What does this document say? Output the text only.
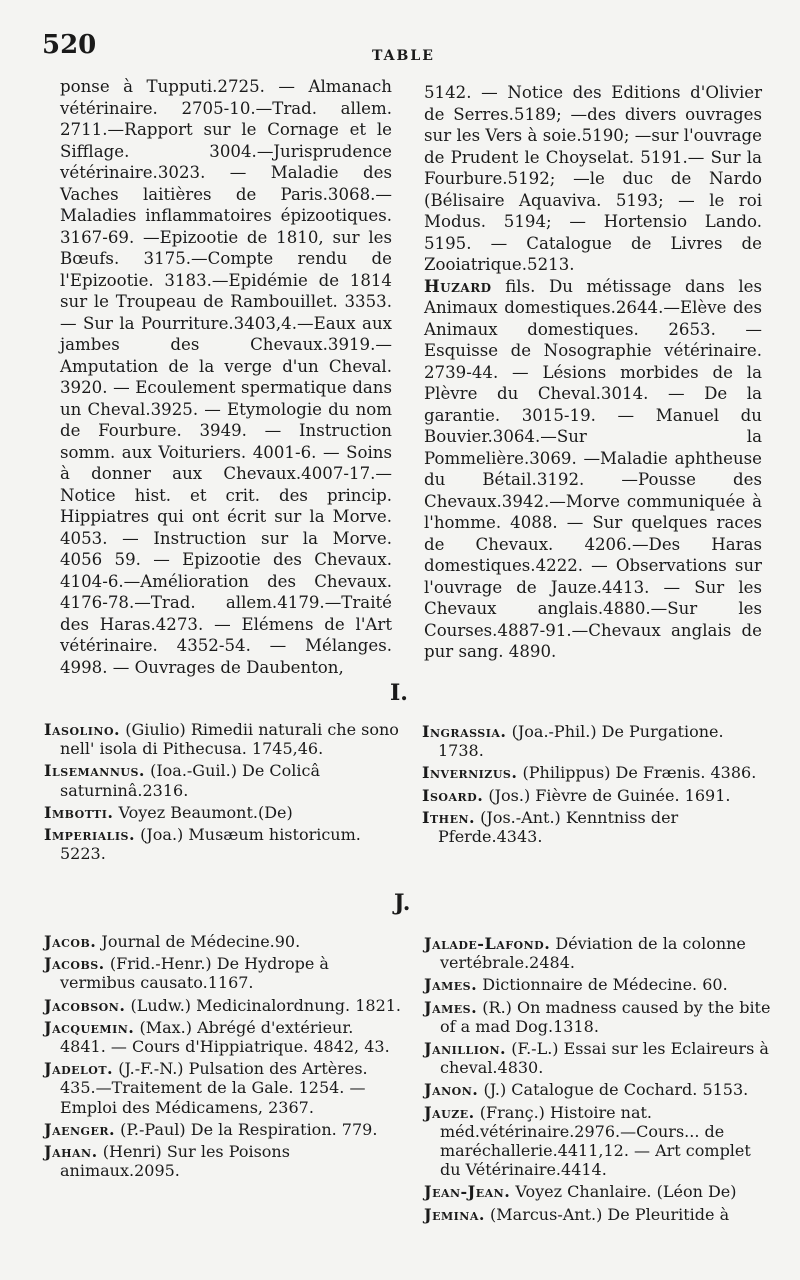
520	TABLE
ponse à Tupputi.2725. — Almanach vétérinaire. 2705-10.—Trad. allem. 2711.—Rapport sur le Cornage et le Sifflage. 3004.—Jurisprudence vétérinaire.3023. — Maladie des Vaches laitières de Paris.3068.—Maladies inflammatoires épizootiques. 3167-69. —Epizootie de 1810, sur les Bœufs. 3175.—Compte rendu de l'Epizootie. 3183.—Epidémie de 1814 sur le Troupeau de Rambouillet. 3353. — Sur la Pourriture.3403,4.—Eaux aux jambes des Chevaux.3919.—Amputation de la verge d'un Cheval. 3920. — Ecoulement spermatique dans un Cheval.3925. — Etymologie du nom de Fourbure. 3949. — Instruction somm. aux Voituriers. 4001-6. — Soins à donner aux Chevaux.4007-17.—Notice hist. et crit. des princip. Hippiatres qui ont écrit sur la Morve. 4053. — Instruction sur la Morve. 4056 59. — Epizootie des Chevaux. 4104-6.—Amélioration des Chevaux. 4176-78.—Trad. allem.4179.—Traité des Haras.4273. — Elémens de l'Art vétérinaire. 4352-54. — Mélanges. 4998. — Ouvrages de Daubenton,
5142. — Notice des Editions d'Olivier de Serres.5189; —des divers ouvrages sur les Vers à soie.5190; —sur l'ouvrage de Prudent le Choyselat. 5191.— Sur la Fourbure.5192; —le duc de Nardo (Bélisaire Aquaviva. 5193; — le roi Modus. 5194; — Hortensio Lando. 5195. — Catalogue de Livres de Zooiatrique.5213.

Huzard fils. Du métissage dans les Animaux domestiques.2644.—Elève des Animaux domestiques. 2653. — Esquisse de Nosographie vétérinaire. 2739-44. — Lésions morbides de la Plèvre du Cheval.3014. — De la garantie. 3015-19. — Manuel du Bouvier.3064.—Sur la Pommelière.3069. —Maladie aphtheuse du Bétail.3192. —Pousse des Chevaux.3942.—Morve communiquée à l'homme. 4088. — Sur quelques races de Chevaux. 4206.—Des Haras domestiques.4222. — Observations sur l'ouvrage de Jauze.4413. — Sur les Chevaux anglais.4880.—Sur les Courses.4887-91.—Chevaux anglais de pur sang. 4890.
I.
Iasolino. (Giulio) Rimedii naturali che sono nell' isola di Pithecusa. 1745,46.
Ilsemannus. (Ioa.-Guil.) De Colicâ saturninâ.2316.
Imbotti. Voyez Beaumont.(De)
Imperialis. (Joa.) Musæum historicum. 5223.
Ingrassia. (Joa.-Phil.) De Purgatione. 1738.
Invernizus. (Philippus) De Frænis. 4386.
Isoard. (Jos.) Fièvre de Guinée. 1691.
Ithen. (Jos.-Ant.) Kenntniss der Pferde.4343.
J.
Jacob. Journal de Médecine.90.
Jacobs. (Frid.-Henr.) De Hydrope à vermibus causato.1167.
Jacobson. (Ludw.) Medicinalordnung. 1821.
Jacquemin. (Max.) Abrégé d'extérieur. 4841. — Cours d'Hippiatrique. 4842, 43.
Jadelot. (J.-F.-N.) Pulsation des Artères. 435.—Traitement de la Gale. 1254. — Emploi des Médicamens, 2367.
Jaenger. (P.-Paul) De la Respiration. 779.
Jahan. (Henri) Sur les Poisons animaux.2095.
Jalade-Lafond. Déviation de la colonne vertébrale.2484.
James. Dictionnaire de Médecine. 60.
James. (R.) On madness caused by the bite of a mad Dog.1318.
Janillion. (F.-L.) Essai sur les Eclaireurs à cheval.4830.
Janon. (J.) Catalogue de Cochard. 5153.
Jauze. (Franç.) Histoire nat. méd.vétérinaire.2976.—Cours... de maréchallerie.4411,12. — Art complet du Vétérinaire.4414.
Jean-Jean. Voyez Chanlaire. (Léon De)
Jemina. (Marcus-Ant.) De Pleuritide à
